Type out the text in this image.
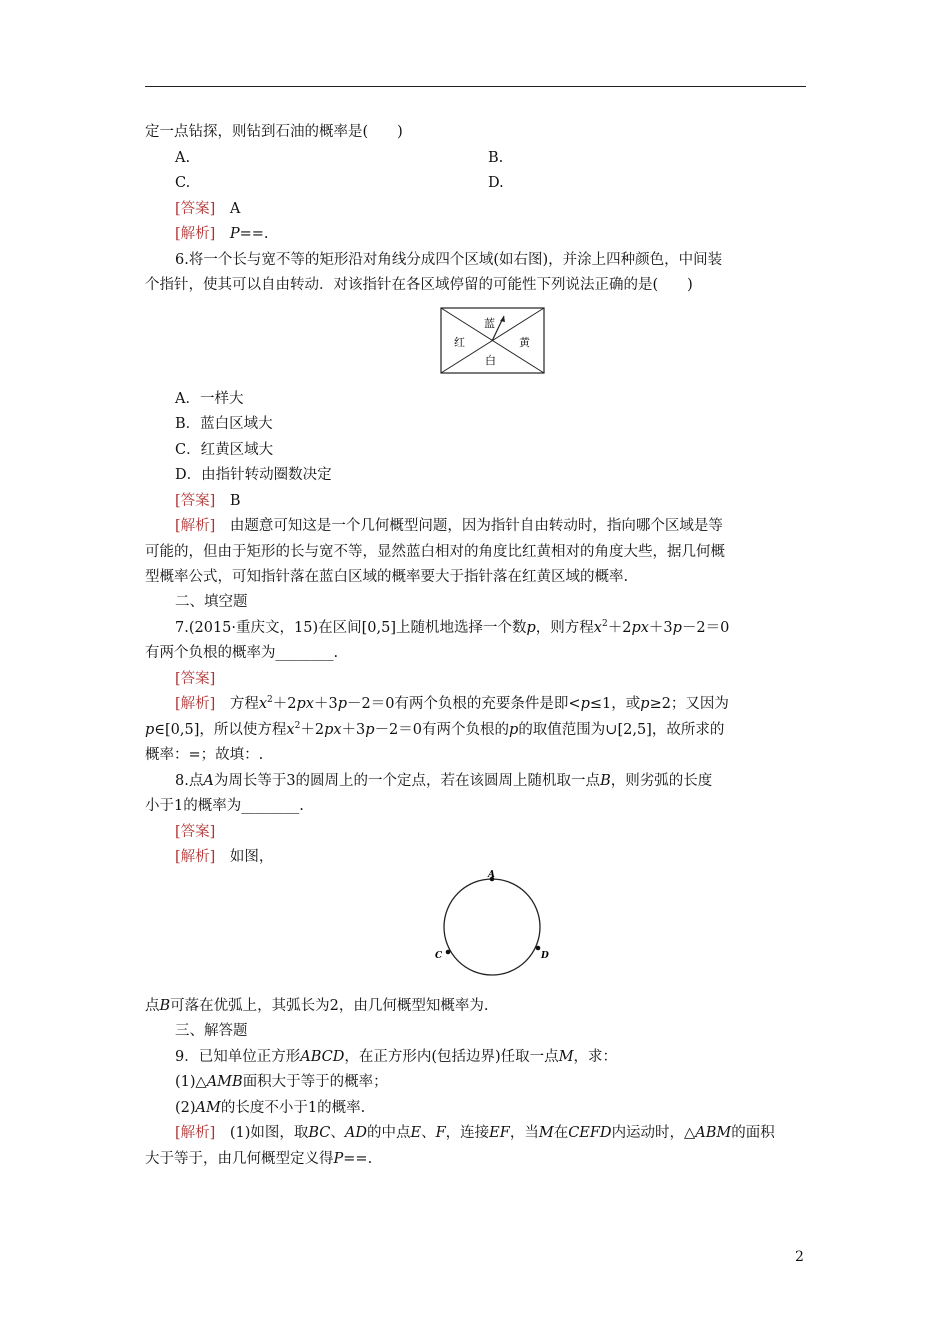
定一点钻探，则钻到石油的概率是(　　)
A.	B.
C.	D.
[答案]　 A
[解析]　 P==.
6.将一个长与宽不等的矩形沿对角线分成四个区域(如右图)，并涂上四种颜色，中间装
个指针，使其可以自由转动．对该指针在各区域停留的可能性下列说法正确的是(　　)
蓝
红	黄
白
A．一样大
B．蓝白区域大
C．红黄区域大
D．由指针转动圈数决定
[答案]　 B
[解析]　 由题意可知这是一个几何概型问题，因为指针自由转动时，指向哪个区域是等
可能的，但由于矩形的长与宽不等，显然蓝白相对的角度比红黄相对的角度大些，据几何概
型概率公式，可知指针落在蓝白区域的概率要大于指针落在红黄区域的概率.
二、填空题
7.(2015·重庆文，15)在区间[0,5]上随机地选择一个数p，则方程$x^2+2px+3p-2=0$
有两个负根的概率为________.
[答案]
[解析]　 方程$x^2+2px+3p-2=0$有两个负根的充要条件是即<p≤1，或p≥2；又因为
p∈[0,5]，所以使方程$x^2+2px+3p-2=0$有两个负根的p的取值范围为∪[2,5]，故所求的
概率：=；故填：.
8.点A为周长等于3的圆周上的一个定点，若在该圆周上随机取一点B，则劣弧的长度
小于1的概率为________.
[答案]
[解析]　 如图，
A
C	D
点B可落在优弧上，其弧长为2，由几何概型知概率为.
三、解答题
9．已知单位正方形ABCD，在正方形内(包括边界)任取一点M，求：
(1)△AMB面积大于等于的概率；
(2)AM的长度不小于1的概率.
[解析]　 (1)如图，取BC、AD的中点E、F，连接EF，当M在CEFD内运动时，△ABM的面积
大于等于，由几何概型定义得P==.
2
